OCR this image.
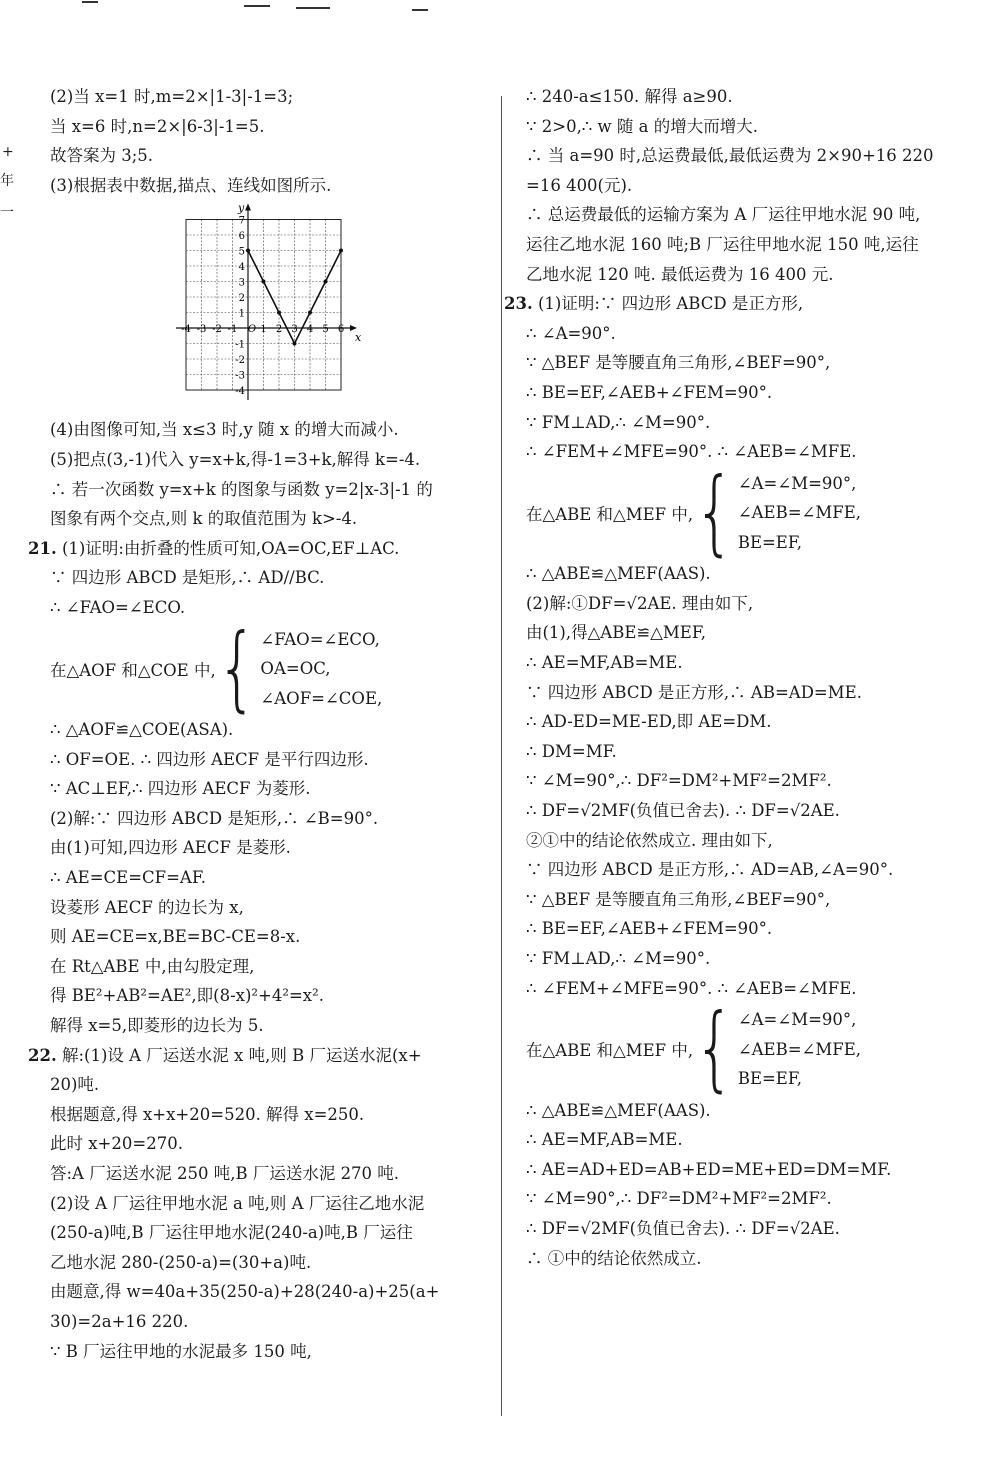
+
年
一
(2)当 x=1 时,m=2×|1-3|-1=3;
当 x=6 时,n=2×|6-3|-1=5.
故答案为 3;5.
(3)根据表中数据,描点、连线如图所示.
7
6
5
4
3
2
1
-1
-2
-3
-4
-4 -3 -2 -1 O 1 2 3 4 5 6
y
x
(4)由图像可知,当 x≤3 时,y 随 x 的增大而减小.
(5)把点(3,-1)代入 y=x+k,得-1=3+k,解得 k=-4.
∴ 若一次函数 y=x+k 的图象与函数 y=2|x-3|-1 的
图象有两个交点,则 k 的取值范围为 k>-4.
21. (1)证明:由折叠的性质可知,OA=OC,EF⊥AC.
∵ 四边形 ABCD 是矩形,∴ AD//BC.
∴ ∠FAO=∠ECO.
在△AOF 和△COE 中, { ∠FAO=∠ECO,
OA=OC,
∠AOF=∠COE,
∴ △AOF≌△COE(ASA).
∴ OF=OE. ∴ 四边形 AECF 是平行四边形.
∵ AC⊥EF,∴ 四边形 AECF 为菱形.
(2)解:∵ 四边形 ABCD 是矩形,∴ ∠B=90°.
由(1)可知,四边形 AECF 是菱形.
∴ AE=CE=CF=AF.
设菱形 AECF 的边长为 x,
则 AE=CE=x,BE=BC-CE=8-x.
在 Rt△ABE 中,由勾股定理,
得 BE²+AB²=AE²,即(8-x)²+4²=x².
解得 x=5,即菱形的边长为 5.
22. 解:(1)设 A 厂运送水泥 x 吨,则 B 厂运送水泥(x+
20)吨.
根据题意,得 x+x+20=520. 解得 x=250.
此时 x+20=270.
答:A 厂运送水泥 250 吨,B 厂运送水泥 270 吨.
(2)设 A 厂运往甲地水泥 a 吨,则 A 厂运往乙地水泥
(250-a)吨,B 厂运往甲地水泥(240-a)吨,B 厂运往
乙地水泥 280-(250-a)=(30+a)吨.
由题意,得 w=40a+35(250-a)+28(240-a)+25(a+
30)=2a+16 220.
∵ B 厂运往甲地的水泥最多 150 吨,
∴ 240-a≤150. 解得 a≥90.
∵ 2>0,∴ w 随 a 的增大而增大.
∴ 当 a=90 时,总运费最低,最低运费为 2×90+16 220
=16 400(元).
∴ 总运费最低的运输方案为 A 厂运往甲地水泥 90 吨,
运往乙地水泥 160 吨;B 厂运往甲地水泥 150 吨,运往
乙地水泥 120 吨. 最低运费为 16 400 元.
23. (1)证明:∵ 四边形 ABCD 是正方形,
∴ ∠A=90°.
∵ △BEF 是等腰直角三角形,∠BEF=90°,
∴ BE=EF,∠AEB+∠FEM=90°.
∵ FM⊥AD,∴ ∠M=90°.
∴ ∠FEM+∠MFE=90°. ∴ ∠AEB=∠MFE.
在△ABE 和△MEF 中, { ∠A=∠M=90°,
∠AEB=∠MFE,
BE=EF,
∴ △ABE≌△MEF(AAS).
(2)解:①DF=√2AE. 理由如下,
由(1),得△ABE≌△MEF,
∴ AE=MF,AB=ME.
∵ 四边形 ABCD 是正方形,∴ AB=AD=ME.
∴ AD-ED=ME-ED,即 AE=DM.
∴ DM=MF.
∵ ∠M=90°,∴ DF²=DM²+MF²=2MF².
∴ DF=√2MF(负值已舍去). ∴ DF=√2AE.
②①中的结论依然成立. 理由如下,
∵ 四边形 ABCD 是正方形,∴ AD=AB,∠A=90°.
∵ △BEF 是等腰直角三角形,∠BEF=90°,
∴ BE=EF,∠AEB+∠FEM=90°.
∵ FM⊥AD,∴ ∠M=90°.
∴ ∠FEM+∠MFE=90°. ∴ ∠AEB=∠MFE.
在△ABE 和△MEF 中, { ∠A=∠M=90°,
∠AEB=∠MFE,
BE=EF,
∴ △ABE≌△MEF(AAS).
∴ AE=MF,AB=ME.
∴ AE=AD+ED=AB+ED=ME+ED=DM=MF.
∵ ∠M=90°,∴ DF²=DM²+MF²=2MF².
∴ DF=√2MF(负值已舍去). ∴ DF=√2AE.
∴ ①中的结论依然成立.
